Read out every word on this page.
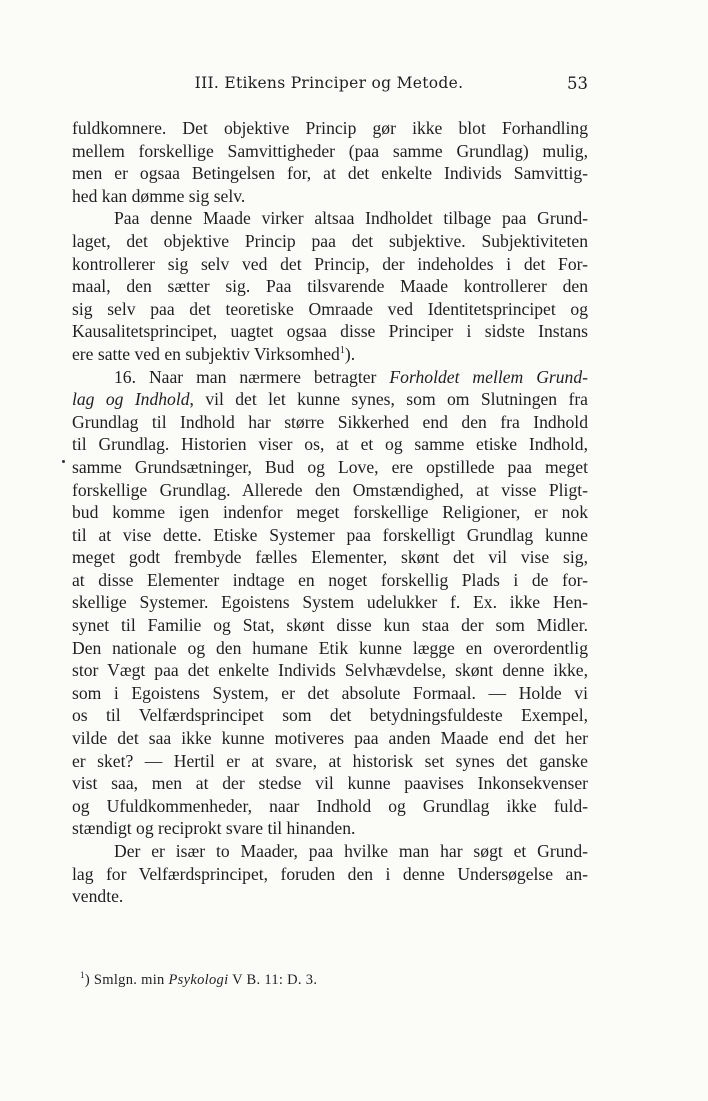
III. Etikens Principer og Metode.	53
fuldkomnere. Det objektive Princip gør ikke blot Forhandling
mellem forskellige Samvittigheder (paa samme Grundlag) mulig,
men er ogsaa Betingelsen for, at det enkelte Individs Samvittig-
hed kan dømme sig selv.
Paa denne Maade virker altsaa Indholdet tilbage paa Grund-
laget, det objektive Princip paa det subjektive. Subjektiviteten
kontrollerer sig selv ved det Princip, der indeholdes i det For-
maal, den sætter sig. Paa tilsvarende Maade kontrollerer den
sig selv paa det teoretiske Omraade ved Identitetsprincipet og
Kausalitetsprincipet, uagtet ogsaa disse Principer i sidste Instans
ere satte ved en subjektiv Virksomhed$^1$).
16. Naar man nærmere betragter Forholdet mellem Grund-
lag og Indhold, vil det let kunne synes, som om Slutningen fra
Grundlag til Indhold har større Sikkerhed end den fra Indhold
til Grundlag. Historien viser os, at et og samme etiske Indhold,
samme Grundsætninger, Bud og Love, ere opstillede paa meget
forskellige Grundlag. Allerede den Omstændighed, at visse Pligt-
bud komme igen indenfor meget forskellige Religioner, er nok
til at vise dette. Etiske Systemer paa forskelligt Grundlag kunne
meget godt frembyde fælles Elementer, skønt det vil vise sig,
at disse Elementer indtage en noget forskellig Plads i de for-
skellige Systemer. Egoistens System udelukker f. Ex. ikke Hen-
synet til Familie og Stat, skønt disse kun staa der som Midler.
Den nationale og den humane Etik kunne lægge en overordentlig
stor Vægt paa det enkelte Individs Selvhævdelse, skønt denne ikke,
som i Egoistens System, er det absolute Formaal. — Holde vi
os til Velfærdsprincipet som det betydningsfuldeste Exempel,
vilde det saa ikke kunne motiveres paa anden Maade end det her
er sket? — Hertil er at svare, at historisk set synes det ganske
vist saa, men at der stedse vil kunne paavises Inkonsekvenser
og Ufuldkommenheder, naar Indhold og Grundlag ikke fuld-
stændigt og reciprokt svare til hinanden.
Der er især to Maader, paa hvilke man har søgt et Grund-
lag for Velfærdsprincipet, foruden den i denne Undersøgelse an-
vendte.
$^1$) Smlgn. min Psykologi V B. 11: D. 3.
